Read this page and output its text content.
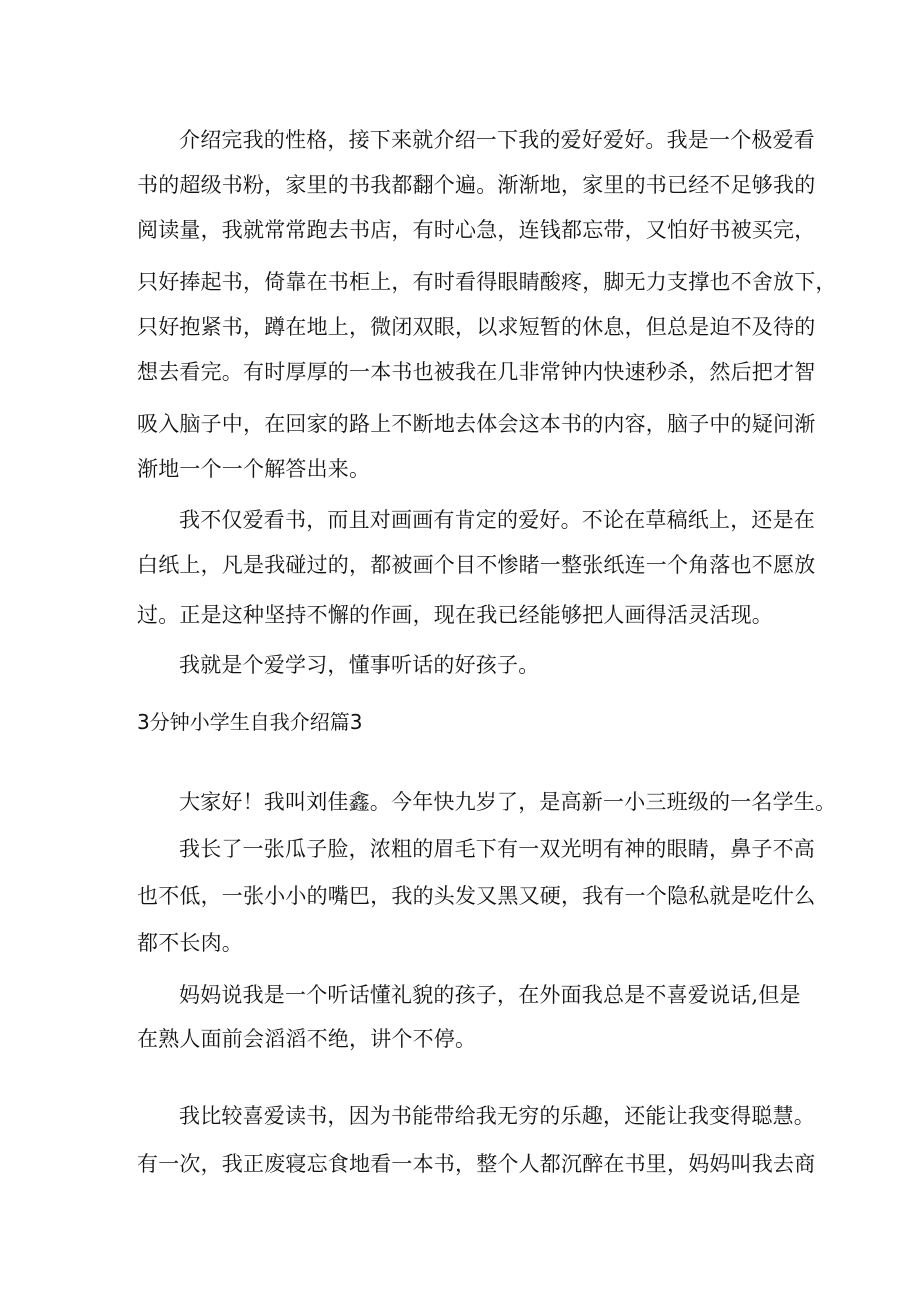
介绍完我的性格，接下来就介绍一下我的爱好爱好。我是一个极爱看
书的超级书粉，家里的书我都翻个遍。渐渐地，家里的书已经不足够我的
阅读量，我就常常跑去书店，有时心急，连钱都忘带，又怕好书被买完，
只好捧起书，倚靠在书柜上，有时看得眼睛酸疼，脚无力支撑也不舍放下，
只好抱紧书，蹲在地上，微闭双眼，以求短暂的休息，但总是迫不及待的
想去看完。有时厚厚的一本书也被我在几非常钟内快速秒杀，然后把才智
吸入脑子中，在回家的路上不断地去体会这本书的内容，脑子中的疑问渐
渐地一个一个解答出来。
我不仅爱看书，而且对画画有肯定的爱好。不论在草稿纸上，还是在
白纸上，凡是我碰过的，都被画个目不惨睹一整张纸连一个角落也不愿放
过。正是这种坚持不懈的作画，现在我已经能够把人画得活灵活现。
我就是个爱学习，懂事听话的好孩子。
3分钟小学生自我介绍篇3
大家好！我叫刘佳鑫。今年快九岁了，是高新一小三班级的一名学生。
我长了一张瓜子脸，浓粗的眉毛下有一双光明有神的眼睛，鼻子不高
也不低，一张小小的嘴巴，我的头发又黑又硬，我有一个隐私就是吃什么
都不长肉。
妈妈说我是一个听话懂礼貌的孩子，在外面我总是不喜爱说话,但是
在熟人面前会滔滔不绝，讲个不停。
我比较喜爱读书，因为书能带给我无穷的乐趣，还能让我变得聪慧。
有一次，我正废寝忘食地看一本书，整个人都沉醉在书里，妈妈叫我去商
